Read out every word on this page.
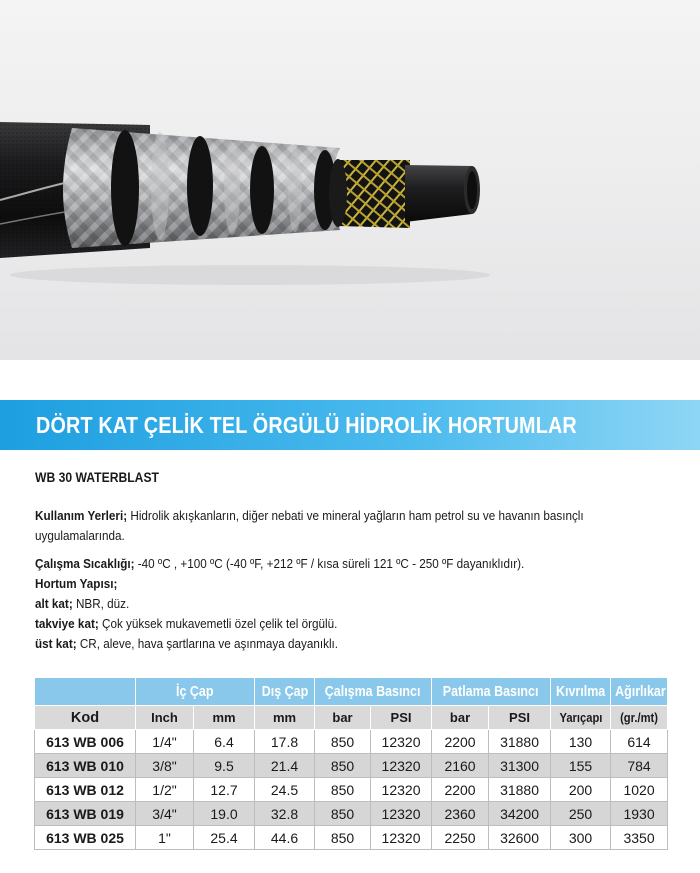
DÖRT KAT ÇELİK TEL ÖRGÜLÜ HİDROLİK HORTUMLAR
WB 30 WATERBLAST
Kullanım Yerleri; Hidrolik akışkanların, diğer nebati ve mineral yağların ham petrol su ve havanın basınçlı uygulamalarında.
Çalışma Sıcaklığı; -40 ºC , +100 ºC (-40 ºF, +212 ºF / kısa süreli 121 ºC - 250 ºF dayanıklıdır).
Hortum Yapısı;
alt kat; NBR, düz.
takviye kat; Çok yüksek mukavemetli özel çelik tel örgülü.
üst kat; CR, aleve, hava şartlarına ve aşınmaya dayanıklı.
	İç Çap		Dış Çap	Çalışma Basıncı		Patlama Basıncı		Kıvrılma	Ağırlıkar
Kod	Inch	mm	mm	bar	PSI	bar	PSI	Yarıçapı	(gr./mt)
613 WB 006	1/4"	6.4	17.8	850	12320	2200	31880	130	614
613 WB 010	3/8"	9.5	21.4	850	12320	2160	31300	155	784
613 WB 012	1/2"	12.7	24.5	850	12320	2200	31880	200	1020
613 WB 019	3/4"	19.0	32.8	850	12320	2360	34200	250	1930
613 WB 025	1"	25.4	44.6	850	12320	2250	32600	300	3350
